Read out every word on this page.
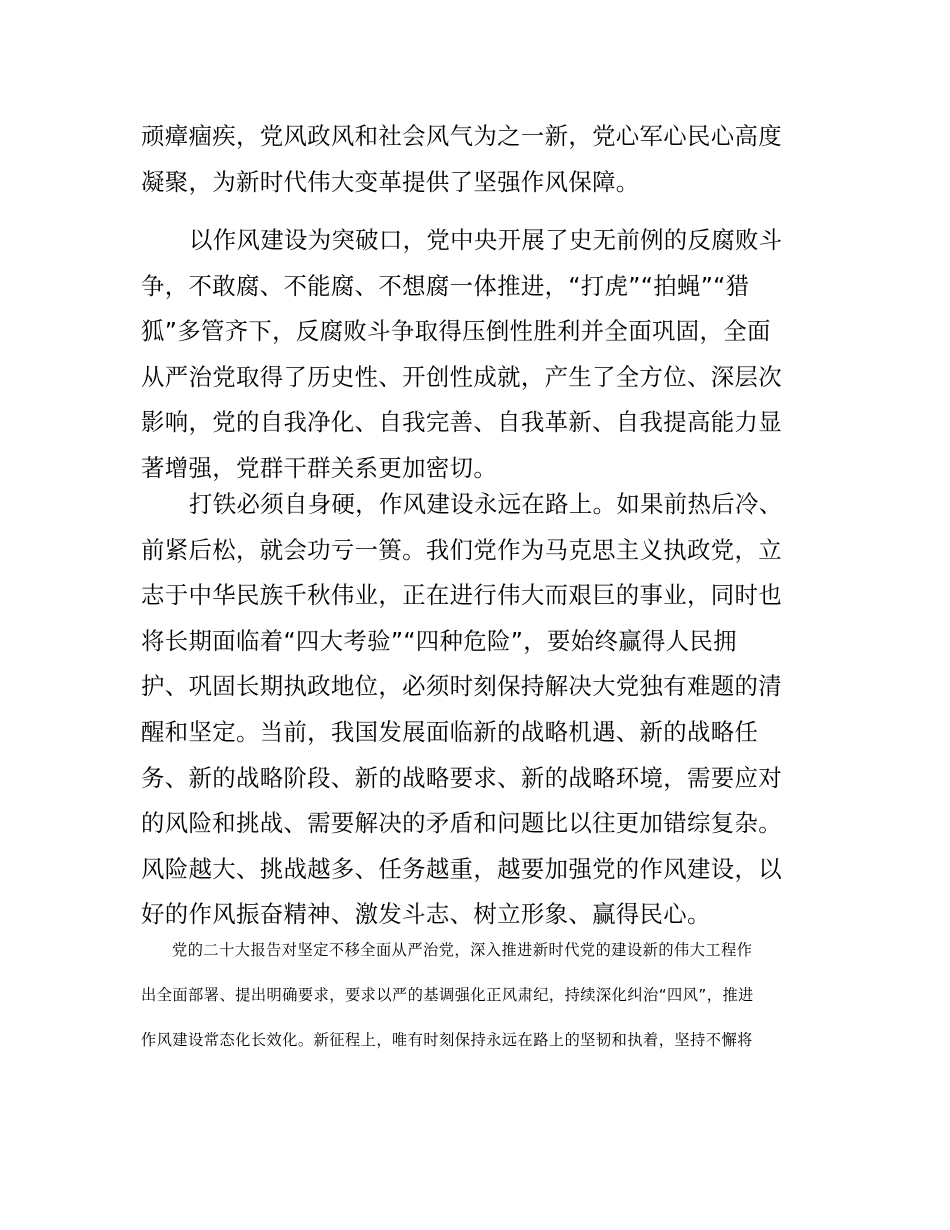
顽瘴痼疾，党风政风和社会风气为之一新，党心军心民心高度
凝聚，为新时代伟大变革提供了坚强作风保障。
以作风建设为突破口，党中央开展了史无前例的反腐败斗
争，不敢腐、不能腐、不想腐一体推进，“打虎”“拍蝇”“猎
狐”多管齐下，反腐败斗争取得压倒性胜利并全面巩固，全面
从严治党取得了历史性、开创性成就，产生了全方位、深层次
影响，党的自我净化、自我完善、自我革新、自我提高能力显
著增强，党群干群关系更加密切。
打铁必须自身硬，作风建设永远在路上。如果前热后冷、
前紧后松，就会功亏一篑。我们党作为马克思主义执政党，立
志于中华民族千秋伟业，正在进行伟大而艰巨的事业，同时也
将长期面临着“四大考验”“四种危险”，要始终赢得人民拥
护、巩固长期执政地位，必须时刻保持解决大党独有难题的清
醒和坚定。当前，我国发展面临新的战略机遇、新的战略任
务、新的战略阶段、新的战略要求、新的战略环境，需要应对
的风险和挑战、需要解决的矛盾和问题比以往更加错综复杂。
风险越大、挑战越多、任务越重，越要加强党的作风建设，以
好的作风振奋精神、激发斗志、树立形象、赢得民心。
党的二十大报告对坚定不移全面从严治党，深入推进新时代党的建设新的伟大工程作
出全面部署、提出明确要求，要求以严的基调强化正风肃纪，持续深化纠治“四风”，推进
作风建设常态化长效化。新征程上，唯有时刻保持永远在路上的坚韧和执着，坚持不懈将
